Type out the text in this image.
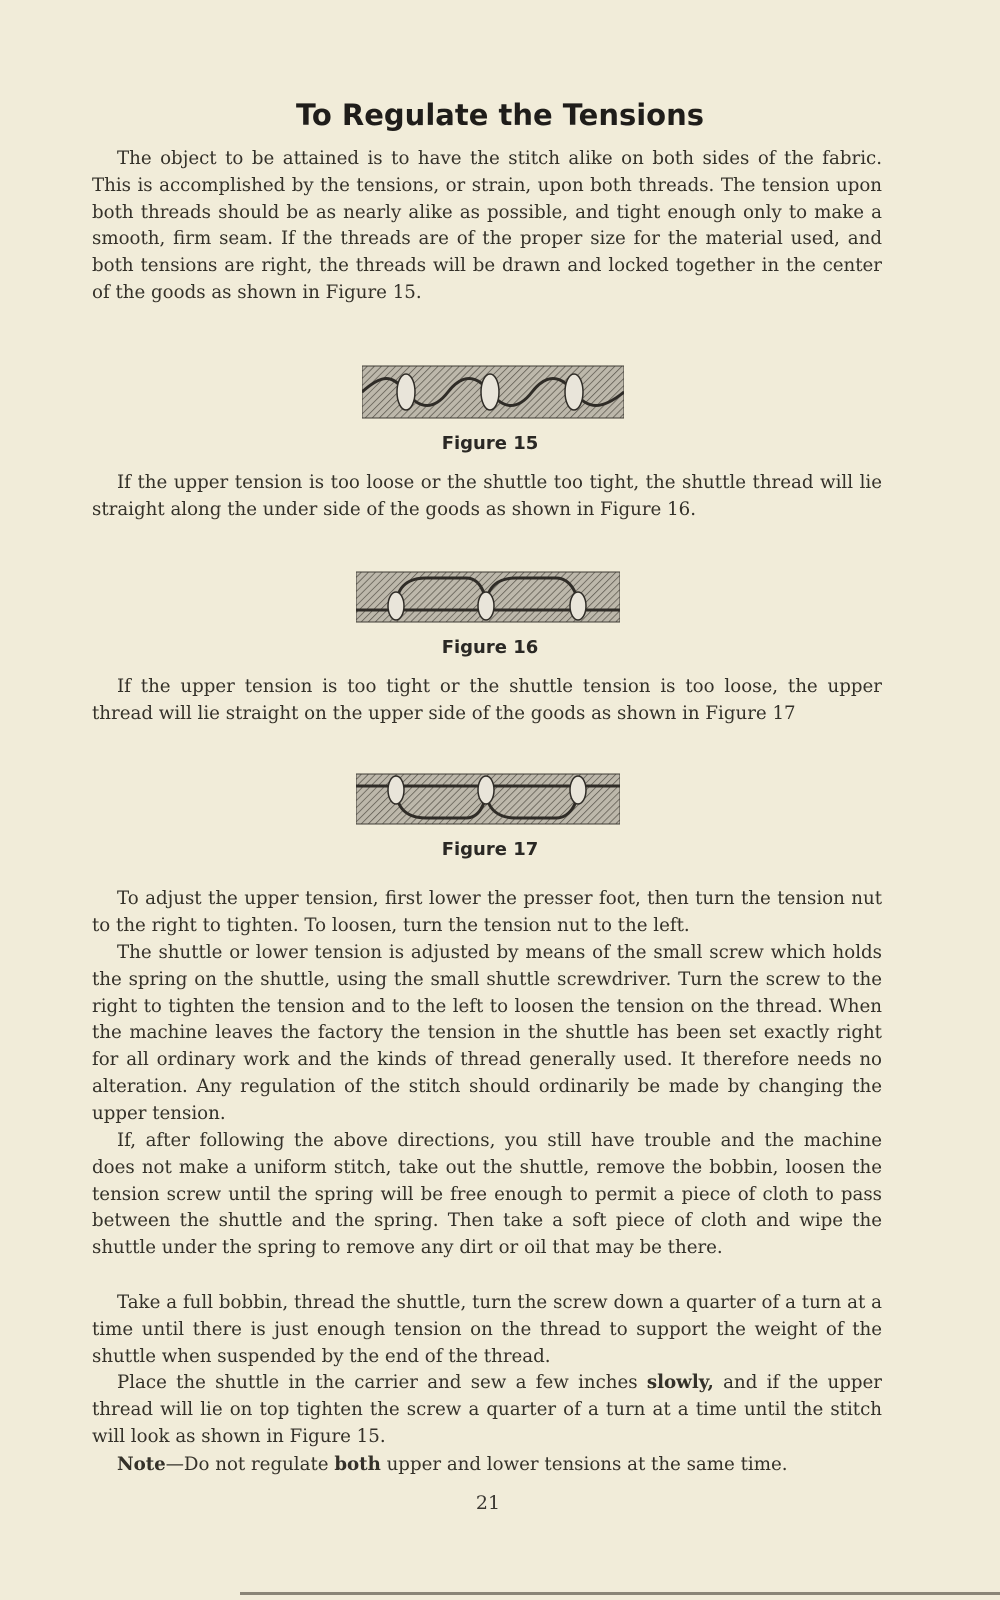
To Regulate the Tensions

The object to be attained is to have the stitch alike on both sides of the fabric. This is accomplished by the tensions, or strain, upon both threads. The tension upon both threads should be as nearly alike as possible, and tight enough only to make a smooth, firm seam. If the threads are of the proper size for the material used, and both tensions are right, the threads will be drawn and locked together in the center of the goods as shown in Figure 15.

Figure 15

If the upper tension is too loose or the shuttle too tight, the shuttle thread will lie straight along the under side of the goods as shown in Figure 16.

Figure 16

If the upper tension is too tight or the shuttle tension is too loose, the upper thread will lie straight on the upper side of the goods as shown in Figure 17

Figure 17

To adjust the upper tension, first lower the presser foot, then turn the tension nut to the right to tighten. To loosen, turn the tension nut to the left.

The shuttle or lower tension is adjusted by means of the small screw which holds the spring on the shuttle, using the small shuttle screwdriver. Turn the screw to the right to tighten the tension and to the left to loosen the tension on the thread. When the machine leaves the factory the tension in the shuttle has been set exactly right for all ordinary work and the kinds of thread generally used. It therefore needs no alteration. Any regulation of the stitch should ordinarily be made by changing the upper tension.

If, after following the above directions, you still have trouble and the machine does not make a uniform stitch, take out the shuttle, remove the bobbin, loosen the tension screw until the spring will be free enough to permit a piece of cloth to pass between the shuttle and the spring. Then take a soft piece of cloth and wipe the shuttle under the spring to remove any dirt or oil that may be there.

Take a full bobbin, thread the shuttle, turn the screw down a quarter of a turn at a time until there is just enough tension on the thread to support the weight of the shuttle when suspended by the end of the thread.

Place the shuttle in the carrier and sew a few inches slowly, and if the upper thread will lie on top tighten the screw a quarter of a turn at a time until the stitch will look as shown in Figure 15.

Note—Do not regulate both upper and lower tensions at the same time.

21
